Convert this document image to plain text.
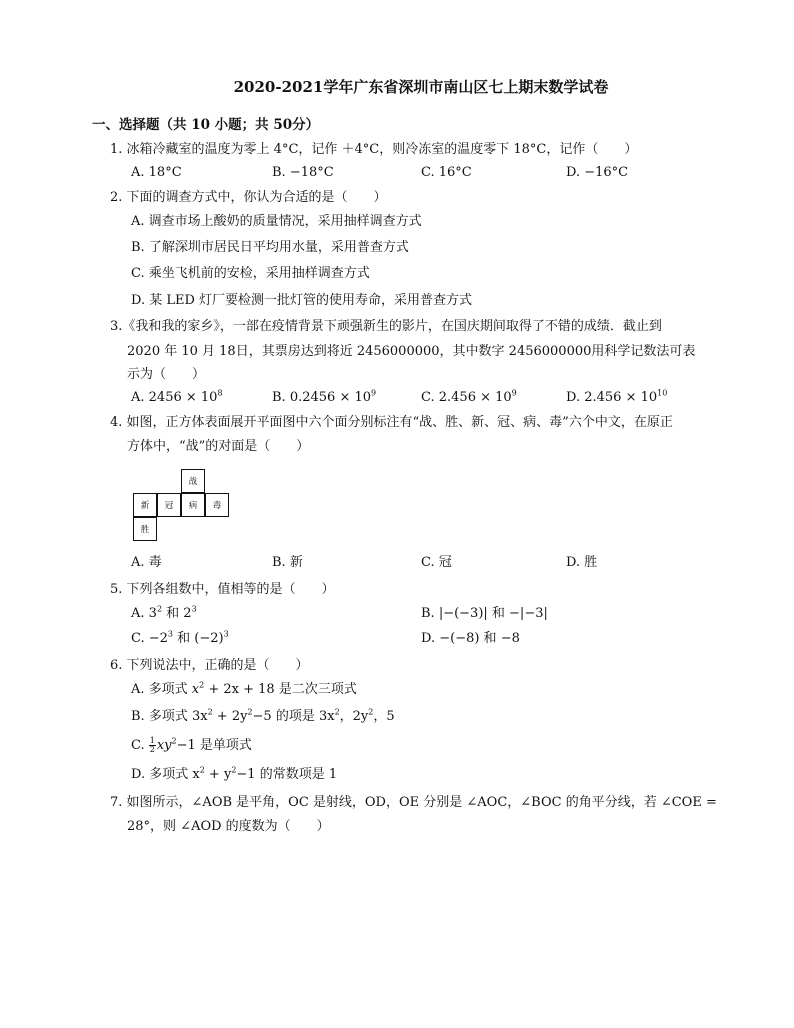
2020-2021学年广东省深圳市南山区七上期末数学试卷
一、选择题（共 10 小题；共 50分）
1. 冰箱冷藏室的温度为零上 4°C，记作 ＋4°C，则冷冻室的温度零下 18°C，记作（　　）
A. 18°C	B. −18°C	C. 16°C	D. −16°C
2. 下面的调查方式中，你认为合适的是（　　）
A. 调查市场上酸奶的质量情况，采用抽样调查方式
B. 了解深圳市居民日平均用水量，采用普查方式
C. 乘坐飞机前的安检，采用抽样调查方式
D. 某 LED 灯厂要检测一批灯管的使用寿命，采用普查方式
3.《我和我的家乡》，一部在疫情背景下顽强新生的影片，在国庆期间取得了不错的成绩．截止到
2020 年 10 月 18日，其票房达到将近 2456000000，其中数字 2456000000用科学记数法可表
示为（　　）
A. $2456 \times 10^8$	B. $0.2456 \times 10^9$	C. $2.456 \times 10^9$	D. $2.456 \times 10^{10}$
4. 如图，正方体表面展开平面图中六个面分别标注有“战、胜、新、冠、病、毒”六个中文，在原正
方体中，“战”的对面是（　　）
战
新	冠	病	毒
胜
A. 毒	B. 新	C. 冠	D. 胜
5. 下列各组数中，值相等的是（　　）
A. $3^2$ 和 $2^3$	B. |−(−3)| 和 −|−3|
C. $-2^3$ 和 $(-2)^3$	D. −(−8) 和 −8
6. 下列说法中，正确的是（　　）
A. 多项式 $x^2 + 2x + 18$ 是二次三项式
B. 多项式 $3x^2 + 2y^2-5$ 的项是 $3x^2$，$2y^2$，5
C. $\frac{1}{2} xy^2-1$ 是单项式
D. 多项式 $x^2 + y^2-1$ 的常数项是 1
7. 如图所示，∠AOB 是平角，OC 是射线，OD，OE 分别是 ∠AOC，∠BOC 的角平分线，若 ∠COE =
28°，则 ∠AOD 的度数为（　　）
